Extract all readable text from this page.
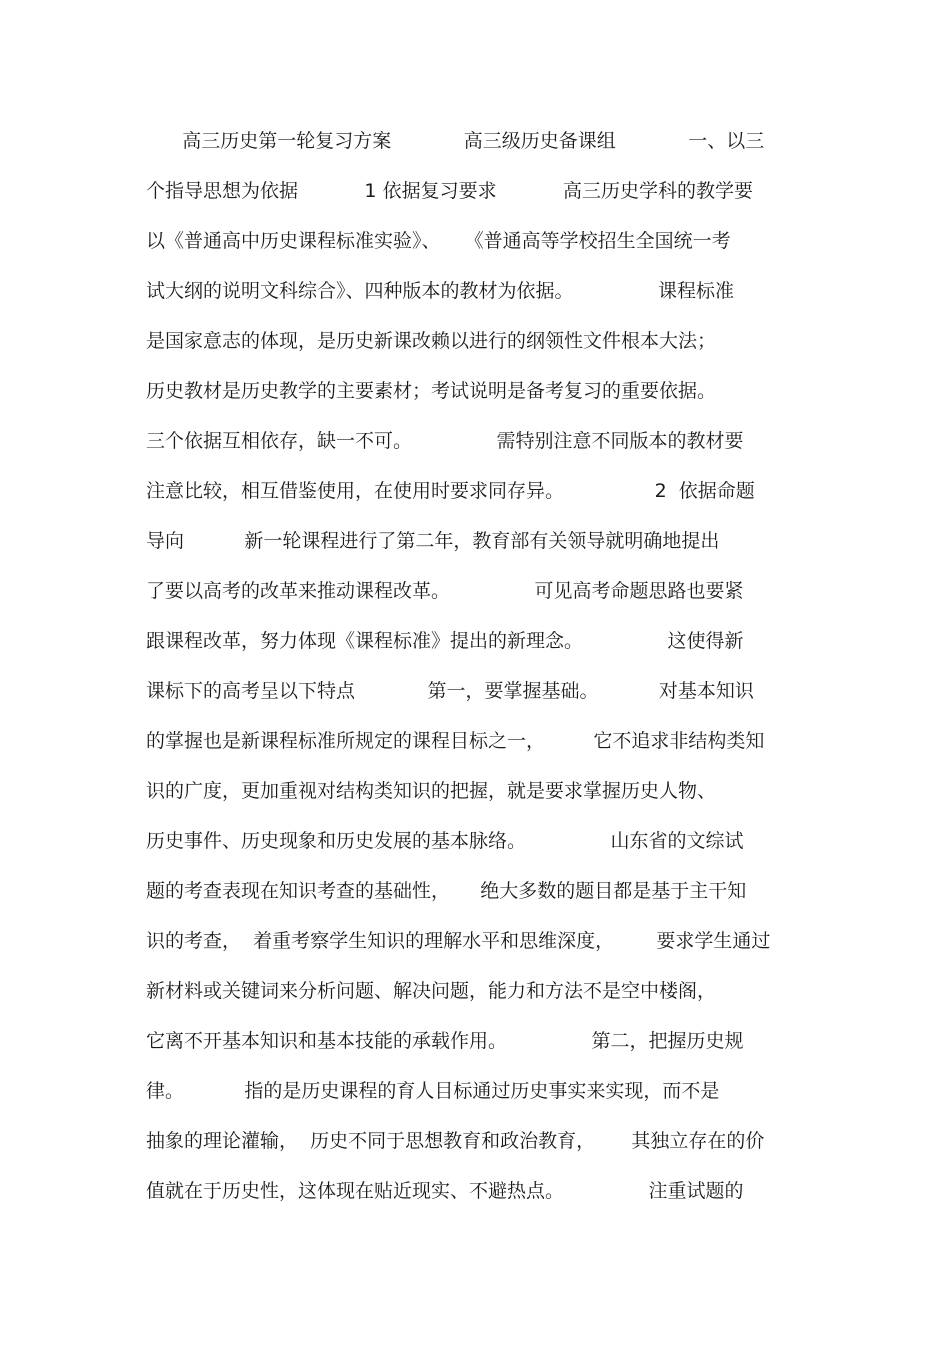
高三历史第一轮复习方案            高三级历史备课组            一、以三
个指导思想为依据           1 依据复习要求           高三历史学科的教学要
以《普通高中历史课程标准实验》、    《普通高等学校招生全国统一考
试大纲的说明文科综合》、四种版本的教材为依据。              课程标准
是国家意志的体现，是历史新课改赖以进行的纲领性文件根本大法；
历史教材是历史教学的主要素材；考试说明是备考复习的重要依据。
三个依据互相依存，缺一不可。              需特别注意不同版本的教材要
注意比较，相互借鉴使用，在使用时要求同存异。               2  依据命题
导向          新一轮课程进行了第二年，教育部有关领导就明确地提出
了要以高考的改革来推动课程改革。              可见高考命题思路也要紧
跟课程改革，努力体现《课程标准》提出的新理念。              这使得新
课标下的高考呈以下特点            第一，要掌握基础。          对基本知识
的掌握也是新课程标准所规定的课程目标之一，        它不追求非结构类知
识的广度，更加重视对结构类知识的把握，就是要求掌握历史人物、
历史事件、历史现象和历史发展的基本脉络。              山东省的文综试
题的考查表现在知识考查的基础性，     绝大多数的题目都是基于主干知
识的考查，  着重考察学生知识的理解水平和思维深度，       要求学生通过
新材料或关键词来分析问题、解决问题，能力和方法不是空中楼阁，
它离不开基本知识和基本技能的承载作用。              第二，把握历史规
律。          指的是历史课程的育人目标通过历史事实来实现，而不是
抽象的理论灌输，  历史不同于思想教育和政治教育，      其独立存在的价
值就在于历史性，这体现在贴近现实、不避热点。              注重试题的
